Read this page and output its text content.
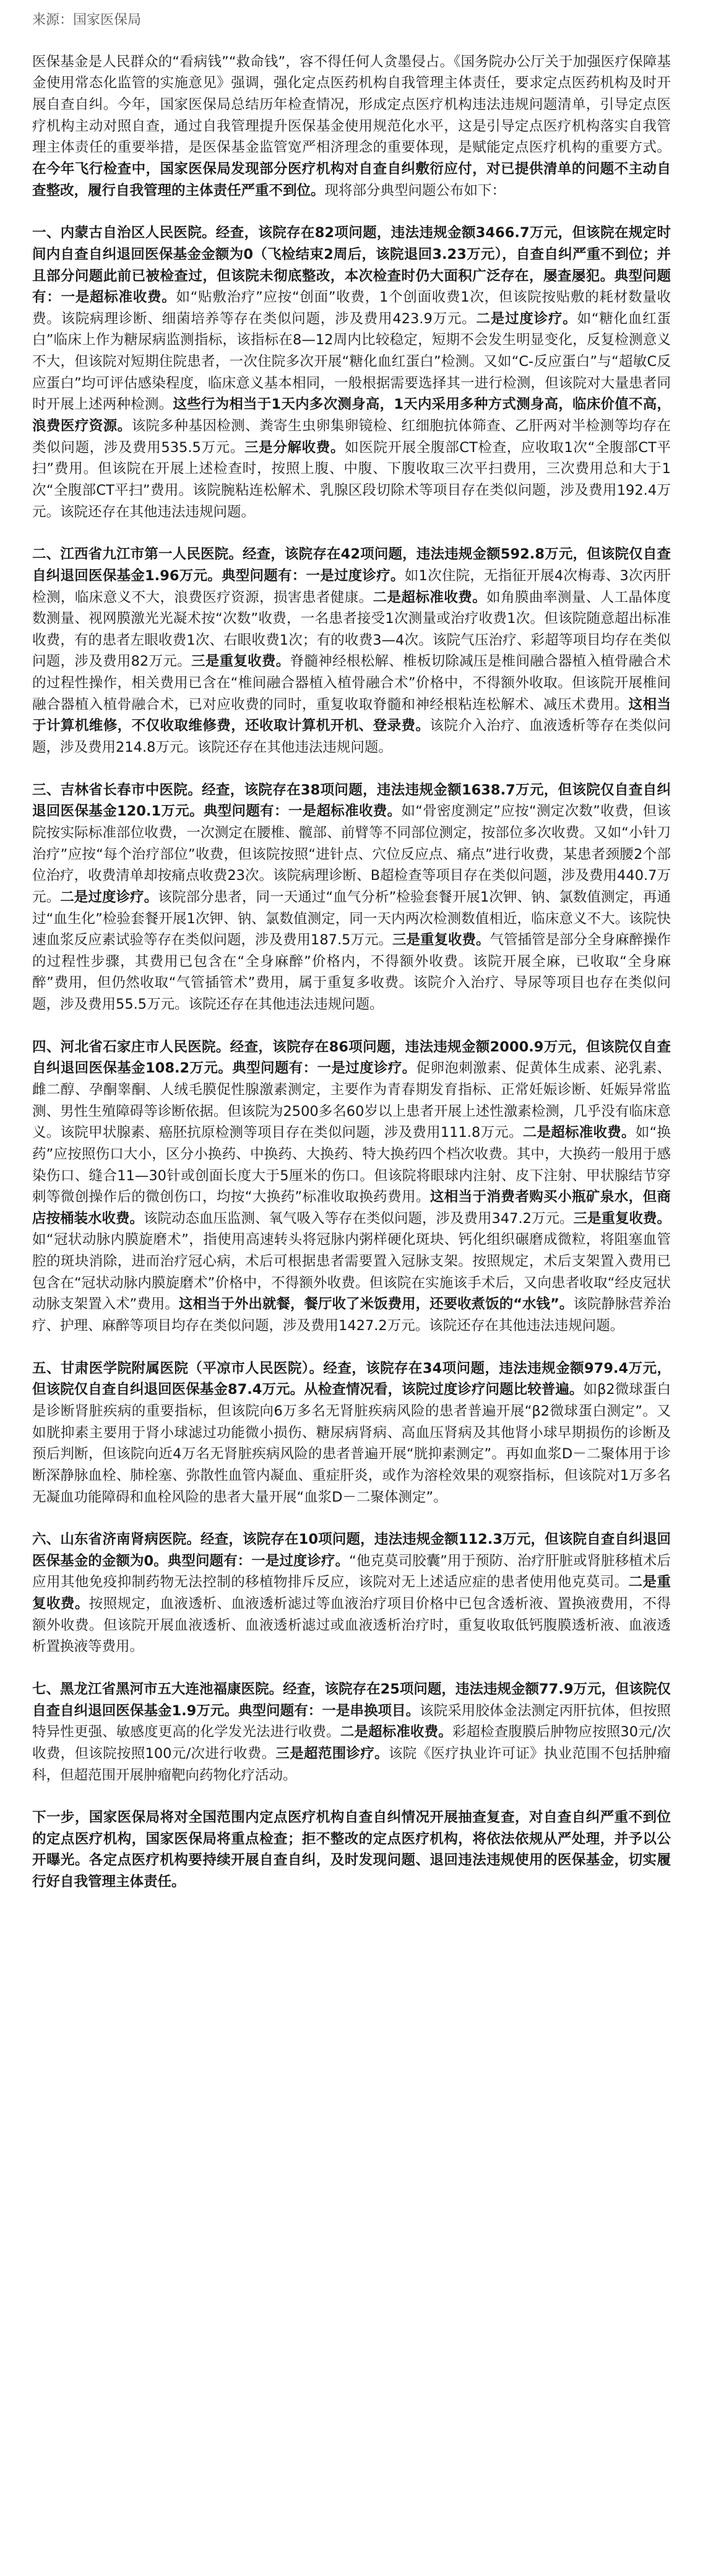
来源：国家医保局

医保基金是人民群众的“看病钱”“救命钱”，容不得任何人贪墨侵占。《国务院办公厅关于加强医疗保障基金使用常态化监管的实施意见》强调，强化定点医药机构自我管理主体责任，要求定点医药机构及时开展自查自纠。今年，国家医保局总结历年检查情况，形成定点医疗机构违法违规问题清单，引导定点医疗机构主动对照自查，通过自我管理提升医保基金使用规范化水平，这是引导定点医疗机构落实自我管理主体责任的重要举措，是医保基金监管宽严相济理念的重要体现，是赋能定点医疗机构的重要方式。在今年飞行检查中，国家医保局发现部分医疗机构对自查自纠敷衍应付，对已提供清单的问题不主动自查整改，履行自我管理的主体责任严重不到位。现将部分典型问题公布如下：

一、内蒙古自治区人民医院。经查，该院存在82项问题，违法违规金额3466.7万元，但该院在规定时间内自查自纠退回医保基金金额为0（飞检结束2周后，该院退回3.23万元），自查自纠严重不到位；并且部分问题此前已被检查过，但该院未彻底整改，本次检查时仍大面积广泛存在，屡查屡犯。典型问题有：一是超标准收费。如“贴敷治疗”应按“创面”收费，1个创面收费1次，但该院按贴敷的耗材数量收费。该院病理诊断、细菌培养等存在类似问题，涉及费用423.9万元。二是过度诊疗。如“糖化血红蛋白”临床上作为糖尿病监测指标，该指标在8—12周内比较稳定，短期不会发生明显变化，反复检测意义不大，但该院对短期住院患者，一次住院多次开展“糖化血红蛋白”检测。又如“C-反应蛋白”与“超敏C反应蛋白”均可评估感染程度，临床意义基本相同，一般根据需要选择其一进行检测，但该院对大量患者同时开展上述两种检测。这些行为相当于1天内多次测身高，1天内采用多种方式测身高，临床价值不高，浪费医疗资源。该院多种基因检测、粪寄生虫卵集卵镜检、红细胞抗体筛查、乙肝两对半检测等均存在类似问题，涉及费用535.5万元。三是分解收费。如医院开展全腹部CT检查，应收取1次“全腹部CT平扫”费用。但该院在开展上述检查时，按照上腹、中腹、下腹收取三次平扫费用，三次费用总和大于1次“全腹部CT平扫”费用。该院腕粘连松解术、乳腺区段切除术等项目存在类似问题，涉及费用192.4万元。该院还存在其他违法违规问题。

二、江西省九江市第一人民医院。经查，该院存在42项问题，违法违规金额592.8万元，但该院仅自查自纠退回医保基金1.96万元。典型问题有：一是过度诊疗。如1次住院，无指征开展4次梅毒、3次丙肝检测，临床意义不大，浪费医疗资源，损害患者健康。二是超标准收费。如角膜曲率测量、人工晶体度数测量、视网膜激光光凝术按“次数”收费，一名患者接受1次测量或治疗收费1次。但该院随意超出标准收费，有的患者左眼收费1次、右眼收费1次；有的收费3—4次。该院气压治疗、彩超等项目均存在类似问题，涉及费用82万元。三是重复收费。脊髓神经根松解、椎板切除减压是椎间融合器植入植骨融合术的过程性操作，相关费用已含在“椎间融合器植入植骨融合术”价格中，不得额外收取。但该院开展椎间融合器植入植骨融合术，已对应收费的同时，重复收取脊髓和神经根粘连松解术、减压术费用。这相当于计算机维修，不仅收取维修费，还收取计算机开机、登录费。该院介入治疗、血液透析等存在类似问题，涉及费用214.8万元。该院还存在其他违法违规问题。

三、吉林省长春市中医院。经查，该院存在38项问题，违法违规金额1638.7万元，但该院仅自查自纠退回医保基金120.1万元。典型问题有：一是超标准收费。如“骨密度测定”应按“测定次数”收费，但该院按实际标准部位收费，一次测定在腰椎、髋部、前臂等不同部位测定，按部位多次收费。又如“小针刀治疗”应按“每个治疗部位”收费，但该院按照“进针点、穴位反应点、痛点”进行收费，某患者颈腰2个部位治疗，收费清单却按痛点收费23次。该院病理诊断、B超检查等项目存在类似问题，涉及费用440.7万元。二是过度诊疗。该院部分患者，同一天通过“血气分析”检验套餐开展1次钾、钠、氯数值测定，再通过“血生化”检验套餐开展1次钾、钠、氯数值测定，同一天内两次检测数值相近，临床意义不大。该院快速血浆反应素试验等存在类似问题，涉及费用187.5万元。三是重复收费。气管插管是部分全身麻醉操作的过程性步骤，其费用已包含在“全身麻醉”价格内，不得额外收费。该院开展全麻，已收取“全身麻醉”费用，但仍然收取“气管插管术”费用，属于重复多收费。该院介入治疗、导尿等项目也存在类似问题，涉及费用55.5万元。该院还存在其他违法违规问题。

四、河北省石家庄市人民医院。经查，该院存在86项问题，违法违规金额2000.9万元，但该院仅自查自纠退回医保基金108.2万元。典型问题有：一是过度诊疗。促卵泡刺激素、促黄体生成素、泌乳素、雌二醇、孕酮睾酮、人绒毛膜促性腺激素测定，主要作为青春期发育指标、正常妊娠诊断、妊娠异常监测、男性生殖障碍等诊断依据。但该院为2500多名60岁以上患者开展上述性激素检测，几乎没有临床意义。该院甲状腺素、癌胚抗原检测等项目存在类似问题，涉及费用111.8万元。二是超标准收费。如“换药”应按照伤口大小，区分小换药、中换药、大换药、特大换药四个档次收费。其中，大换药一般用于感染伤口、缝合11—30针或创面长度大于5厘米的伤口。但该院将眼球内注射、皮下注射、甲状腺结节穿刺等微创操作后的微创伤口，均按“大换药”标准收取换药费用。这相当于消费者购买小瓶矿泉水，但商店按桶装水收费。该院动态血压监测、氧气吸入等存在类似问题，涉及费用347.2万元。三是重复收费。如“冠状动脉内膜旋磨术”，指使用高速转头将冠脉内粥样硬化斑块、钙化组织碾磨成微粒，将阻塞血管腔的斑块消除，进而治疗冠心病，术后可根据患者需要置入冠脉支架。按照规定，术后支架置入费用已包含在“冠状动脉内膜旋磨术”价格中，不得额外收费。但该院在实施该手术后，又向患者收取“经皮冠状动脉支架置入术”费用。这相当于外出就餐，餐厅收了米饭费用，还要收煮饭的“水钱”。该院静脉营养治疗、护理、麻醉等项目均存在类似问题，涉及费用1427.2万元。该院还存在其他违法违规问题。

五、甘肃医学院附属医院（平凉市人民医院）。经查，该院存在34项问题，违法违规金额979.4万元，但该院仅自查自纠退回医保基金87.4万元。从检查情况看，该院过度诊疗问题比较普遍。如β2微球蛋白是诊断肾脏疾病的重要指标，但该院向6万多名无肾脏疾病风险的患者普遍开展“β2微球蛋白测定”。又如胱抑素主要用于肾小球滤过功能微小损伤、糖尿病肾病、高血压肾病及其他肾小球早期损伤的诊断及预后判断，但该院向近4万名无肾脏疾病风险的患者普遍开展“胱抑素测定”。再如血浆D－二聚体用于诊断深静脉血栓、肺栓塞、弥散性血管内凝血、重症肝炎，或作为溶栓效果的观察指标，但该院对1万多名无凝血功能障碍和血栓风险的患者大量开展“血浆D－二聚体测定”。

六、山东省济南肾病医院。经查，该院存在10项问题，违法违规金额112.3万元，但该院自查自纠退回医保基金的金额为0。典型问题有：一是过度诊疗。“他克莫司胶囊”用于预防、治疗肝脏或肾脏移植术后应用其他免疫抑制药物无法控制的移植物排斥反应，该院对无上述适应症的患者使用他克莫司。二是重复收费。按照规定，血液透析、血液透析滤过等血液治疗项目价格中已包含透析液、置换液费用，不得额外收费。但该院开展血液透析、血液透析滤过或血液透析治疗时，重复收取低钙腹膜透析液、血液透析置换液等费用。

七、黑龙江省黑河市五大连池福康医院。经查，该院存在25项问题，违法违规金额77.9万元，但该院仅自查自纠退回医保基金1.9万元。典型问题有：一是串换项目。该院采用胶体金法测定丙肝抗体，但按照特异性更强、敏感度更高的化学发光法进行收费。二是超标准收费。彩超检查腹膜后肿物应按照30元/次收费，但该院按照100元/次进行收费。三是超范围诊疗。该院《医疗执业许可证》执业范围不包括肿瘤科，但超范围开展肿瘤靶向药物化疗活动。

下一步，国家医保局将对全国范围内定点医疗机构自查自纠情况开展抽查复查，对自查自纠严重不到位的定点医疗机构，国家医保局将重点检查；拒不整改的定点医疗机构，将依法依规从严处理，并予以公开曝光。各定点医疗机构要持续开展自查自纠，及时发现问题、退回违法违规使用的医保基金，切实履行好自我管理主体责任。
